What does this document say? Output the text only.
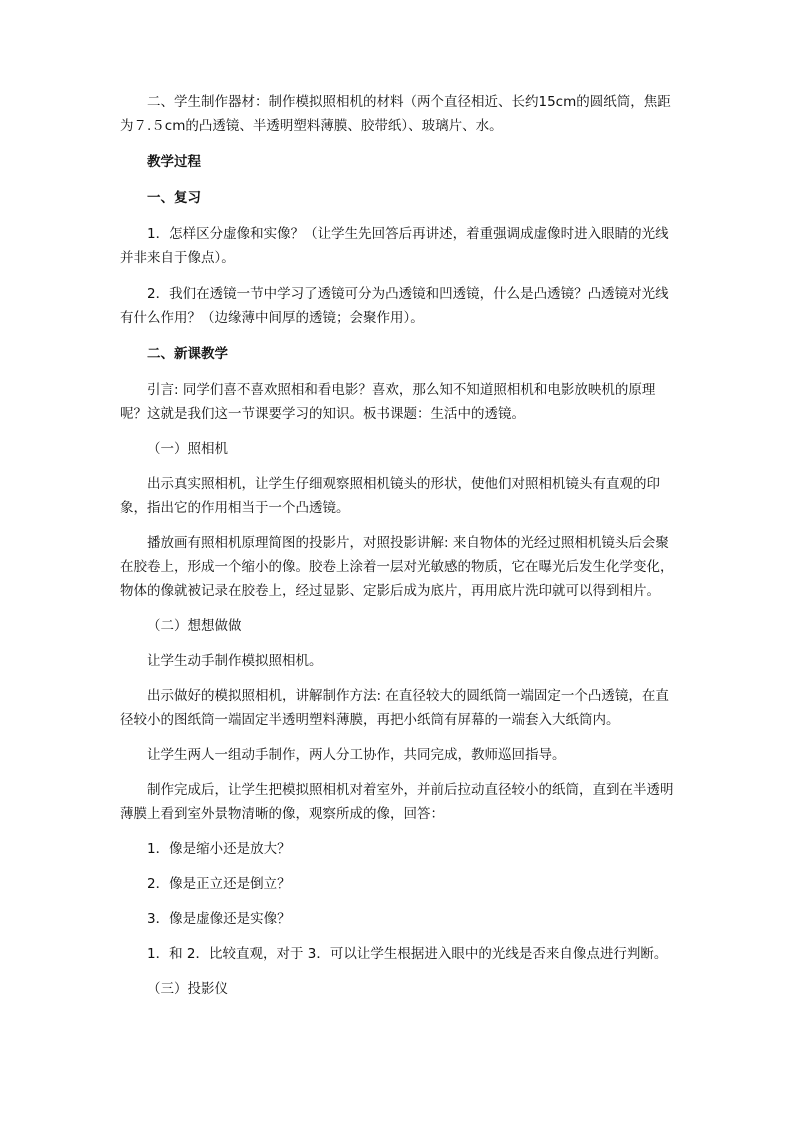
二、学生制作器材：制作模拟照相机的材料（两个直径相近、长约15cm的圆纸筒，焦距为７.５cm的凸透镜、半透明塑料薄膜、胶带纸）、玻璃片、水。

教学过程

一、复习

1．怎样区分虚像和实像？（让学生先回答后再讲述，着重强调成虚像时进入眼睛的光线并非来自于像点）。

2．我们在透镜一节中学习了透镜可分为凸透镜和凹透镜，什么是凸透镜？凸透镜对光线有什么作用？（边缘薄中间厚的透镜；会聚作用）。

二、新课教学

引言: 同学们喜不喜欢照相和看电影？喜欢，那么知不知道照相机和电影放映机的原理呢？这就是我们这一节课要学习的知识。板书课题：生活中的透镜。

（一）照相机

出示真实照相机，让学生仔细观察照相机镜头的形状，使他们对照相机镜头有直观的印象，指出它的作用相当于一个凸透镜。

播放画有照相机原理简图的投影片，对照投影讲解: 来自物体的光经过照相机镜头后会聚在胶卷上，形成一个缩小的像。胶卷上涂着一层对光敏感的物质，它在曝光后发生化学变化，物体的像就被记录在胶卷上，经过显影、定影后成为底片，再用底片洗印就可以得到相片。

（二）想想做做

让学生动手制作模拟照相机。

出示做好的模拟照相机，讲解制作方法: 在直径较大的圆纸筒一端固定一个凸透镜，在直径较小的图纸筒一端固定半透明塑料薄膜，再把小纸筒有屏幕的一端套入大纸筒内。

让学生两人一组动手制作，两人分工协作，共同完成，教师巡回指导。

制作完成后，让学生把模拟照相机对着室外，并前后拉动直径较小的纸筒，直到在半透明薄膜上看到室外景物清晰的像，观察所成的像，回答：

1．像是缩小还是放大？

2．像是正立还是倒立？

3．像是虚像还是实像？

1．和 2．比较直观，对于 3．可以让学生根据进入眼中的光线是否来自像点进行判断。

（三）投影仪
